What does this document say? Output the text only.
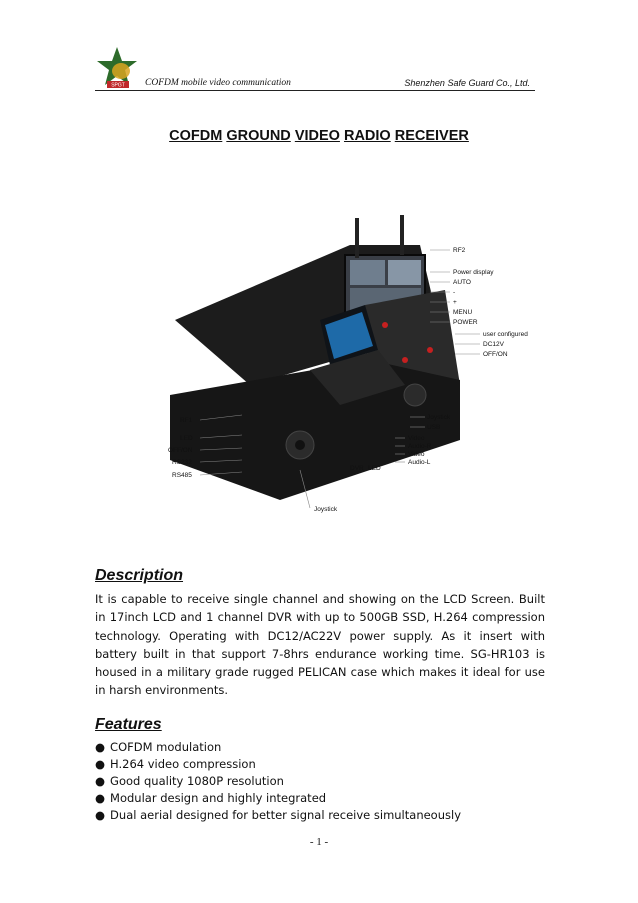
SPGT COFDM mobile video communication	Shenzhen Safe Guard Co., Ltd.
COFDM GROUND VIDEO RADIO RECEIVER
RF2
Power display
AUTO
-
+
MENU
POWER
user configured
DC12V
OFF/ON
Joystick
USB
Video
Audio-R
Video
Audio-L
RF1
LED
OFF/ON
RS232
RS485
DVR LED
Joystick
Description
It is capable to receive single channel and showing on the LCD Screen. Built in 17inch LCD and 1 channel DVR with up to 500GB SSD, H.264 compression technology. Operating with DC12/AC22V power supply. As it insert with battery built in that support 7-8hrs endurance working time. SG-HR103 is housed in a military grade rugged PELICAN case which makes it ideal for use in harsh environments.
Features
● COFDM modulation
● H.264 video compression
● Good quality 1080P resolution
● Modular design and highly integrated
● Dual aerial designed for better signal receive simultaneously
- 1 -
